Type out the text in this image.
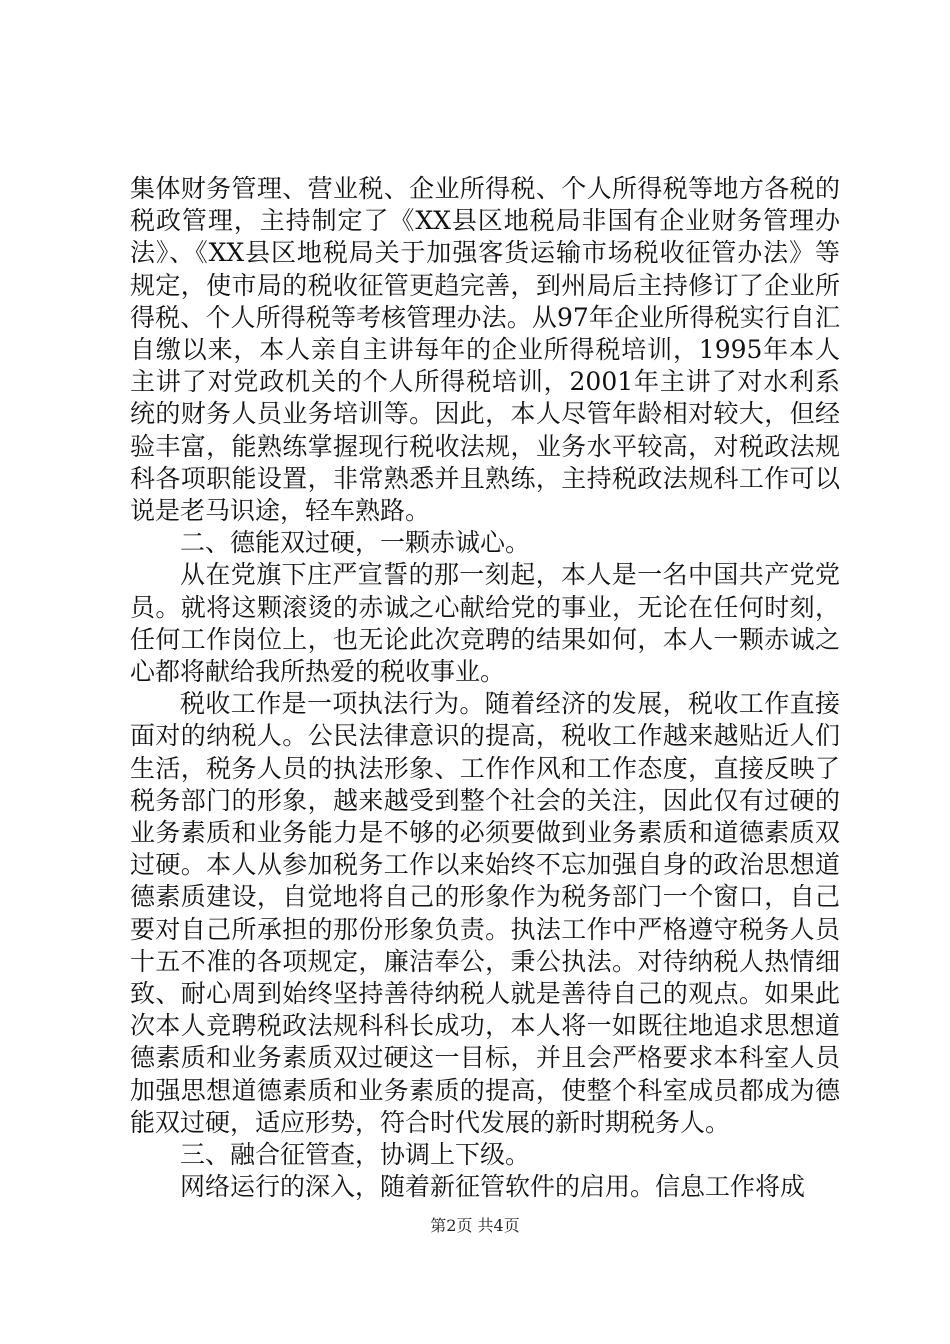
集体财务管理、营业税、企业所得税、个人所得税等地方各税的税政管理，主持制定了《XX县区地税局非国有企业财务管理办法》、《XX县区地税局关于加强客货运输市场税收征管办法》等规定，使市局的税收征管更趋完善，到州局后主持修订了企业所得税、个人所得税等考核管理办法。从97年企业所得税实行自汇自缴以来，本人亲自主讲每年的企业所得税培训，1995年本人主讲了对党政机关的个人所得税培训，2001年主讲了对水利系统的财务人员业务培训等。因此，本人尽管年龄相对较大，但经验丰富，能熟练掌握现行税收法规，业务水平较高，对税政法规科各项职能设置，非常熟悉并且熟练，主持税政法规科工作可以说是老马识途，轻车熟路。

二、德能双过硬，一颗赤诚心。

从在党旗下庄严宣誓的那一刻起，本人是一名中国共产党党员。就将这颗滚烫的赤诚之心献给党的事业，无论在任何时刻，任何工作岗位上，也无论此次竞聘的结果如何，本人一颗赤诚之心都将献给我所热爱的税收事业。

税收工作是一项执法行为。随着经济的发展，税收工作直接面对的纳税人。公民法律意识的提高，税收工作越来越贴近人们生活，税务人员的执法形象、工作作风和工作态度，直接反映了税务部门的形象，越来越受到整个社会的关注，因此仅有过硬的业务素质和业务能力是不够的必须要做到业务素质和道德素质双过硬。本人从参加税务工作以来始终不忘加强自身的政治思想道德素质建设，自觉地将自己的形象作为税务部门一个窗口，自己要对自己所承担的那份形象负责。执法工作中严格遵守税务人员十五不准的各项规定，廉洁奉公，秉公执法。对待纳税人热情细致、耐心周到始终坚持善待纳税人就是善待自己的观点。如果此次本人竞聘税政法规科科长成功，本人将一如既往地追求思想道德素质和业务素质双过硬这一目标，并且会严格要求本科室人员加强思想道德素质和业务素质的提高，使整个科室成员都成为德能双过硬，适应形势，符合时代发展的新时期税务人。

三、融合征管查，协调上下级。

网络运行的深入，随着新征管软件的启用。信息工作将成

第2页 共4页
